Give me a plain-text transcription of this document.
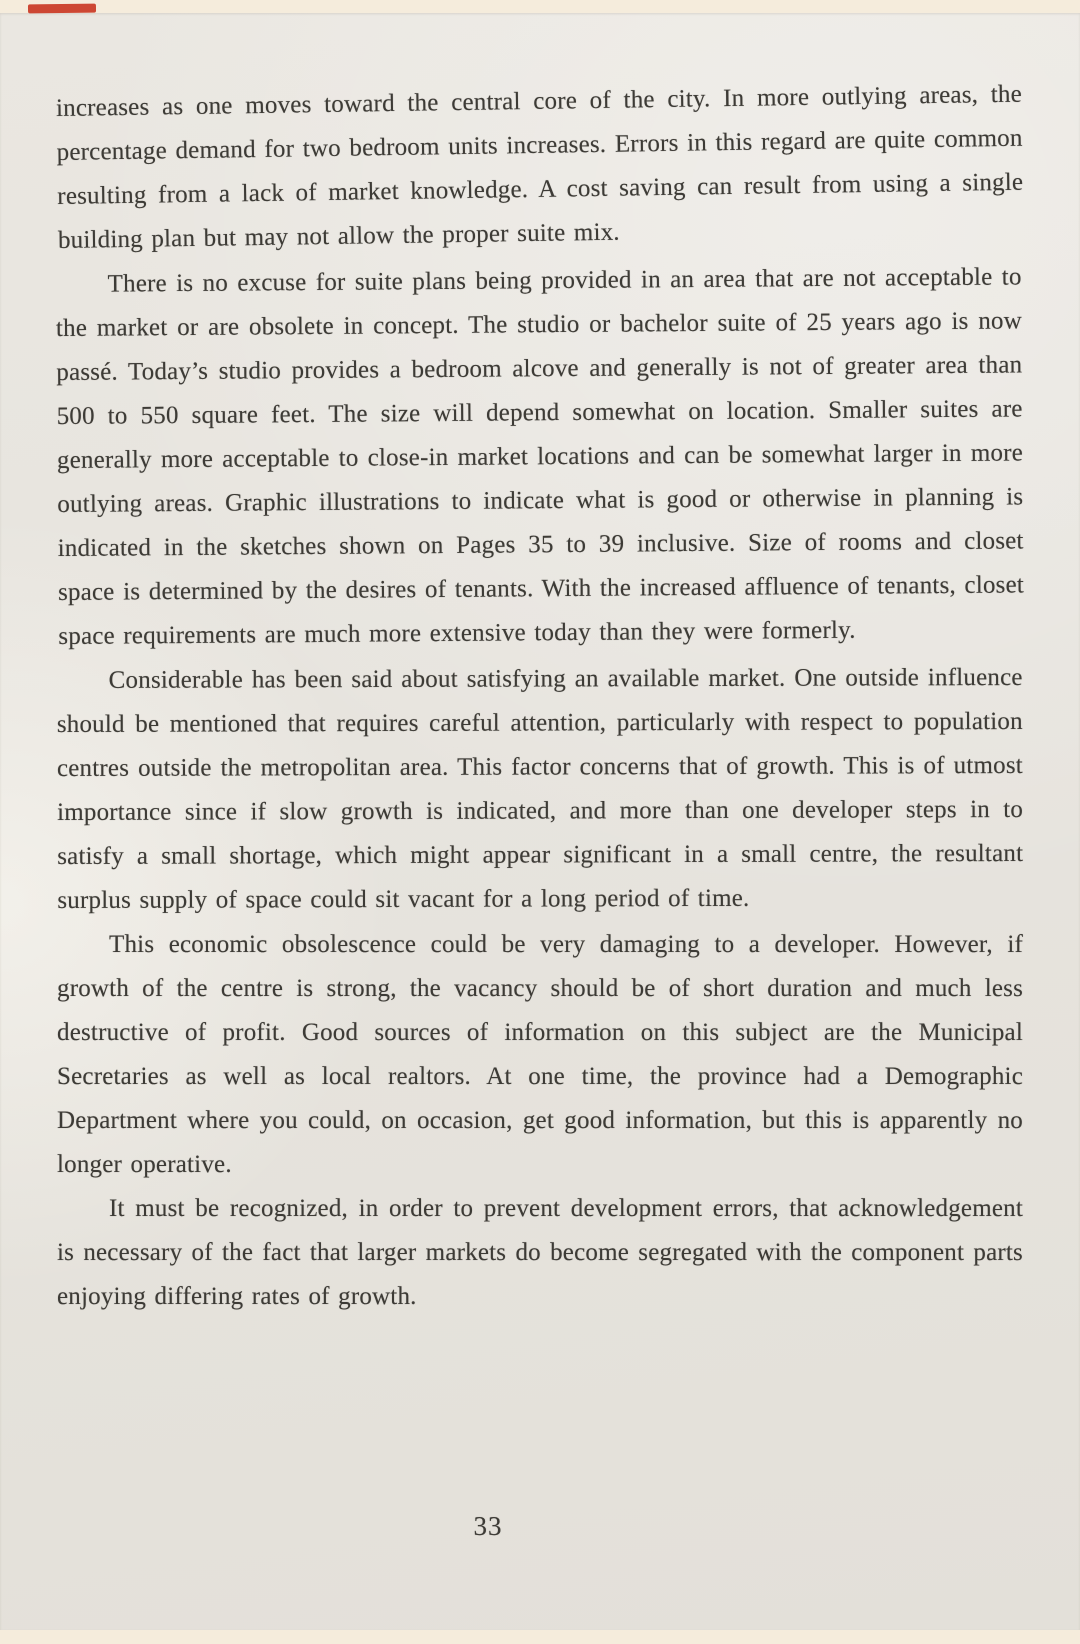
increases as one moves toward the central core of the city. In more outlying areas, the percentage demand for two bedroom units increases. Errors in this regard are quite common resulting from a lack of market knowledge. A cost saving can result from using a single building plan but may not allow the proper suite mix.

There is no excuse for suite plans being provided in an area that are not acceptable to the market or are obsolete in concept. The studio or bachelor suite of 25 years ago is now passé. Today’s studio provides a bedroom alcove and generally is not of greater area than 500 to 550 square feet. The size will depend somewhat on location. Smaller suites are generally more acceptable to close-in market locations and can be somewhat larger in more outlying areas. Graphic illustrations to indicate what is good or otherwise in planning is indicated in the sketches shown on Pages 35 to 39 inclusive. Size of rooms and closet space is determined by the desires of tenants. With the increased affluence of tenants, closet space requirements are much more extensive today than they were formerly.

Considerable has been said about satisfying an available market. One outside influence should be mentioned that requires careful attention, particularly with respect to population centres outside the metropolitan area. This factor concerns that of growth. This is of utmost importance since if slow growth is indicated, and more than one developer steps in to satisfy a small shortage, which might appear significant in a small centre, the resultant surplus supply of space could sit vacant for a long period of time.

This economic obsolescence could be very damaging to a developer. However, if growth of the centre is strong, the vacancy should be of short duration and much less destructive of profit. Good sources of information on this subject are the Municipal Secretaries as well as local realtors. At one time, the province had a Demographic Department where you could, on occasion, get good information, but this is apparently no longer operative.

It must be recognized, in order to prevent development errors, that acknowledgement is necessary of the fact that larger markets do become segregated with the component parts enjoying differing rates of growth.

33
